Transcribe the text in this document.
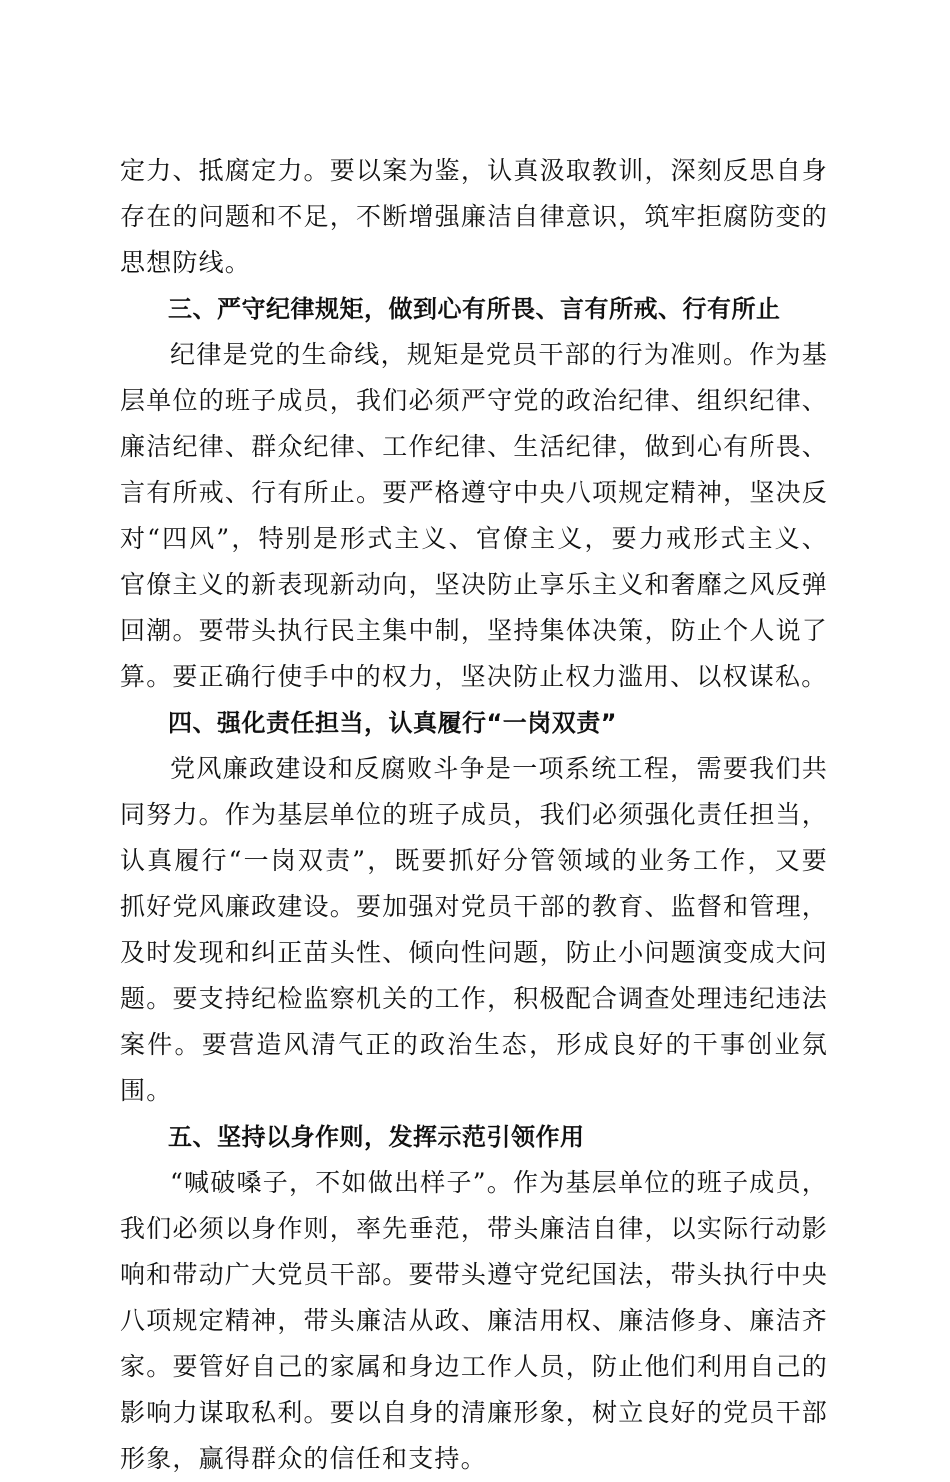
定力、抵腐定力。要以案为鉴，认真汲取教训，深刻反思自身存在的问题和不足，不断增强廉洁自律意识，筑牢拒腐防变的思想防线。

三、严守纪律规矩，做到心有所畏、言有所戒、行有所止

纪律是党的生命线，规矩是党员干部的行为准则。作为基层单位的班子成员，我们必须严守党的政治纪律、组织纪律、廉洁纪律、群众纪律、工作纪律、生活纪律，做到心有所畏、言有所戒、行有所止。要严格遵守中央八项规定精神，坚决反对“四风”，特别是形式主义、官僚主义，要力戒形式主义、官僚主义的新表现新动向，坚决防止享乐主义和奢靡之风反弹回潮。要带头执行民主集中制，坚持集体决策，防止个人说了算。要正确行使手中的权力，坚决防止权力滥用、以权谋私。

四、强化责任担当，认真履行“一岗双责”

党风廉政建设和反腐败斗争是一项系统工程，需要我们共同努力。作为基层单位的班子成员，我们必须强化责任担当，认真履行“一岗双责”，既要抓好分管领域的业务工作，又要抓好党风廉政建设。要加强对党员干部的教育、监督和管理，及时发现和纠正苗头性、倾向性问题，防止小问题演变成大问题。要支持纪检监察机关的工作，积极配合调查处理违纪违法案件。要营造风清气正的政治生态，形成良好的干事创业氛围。

五、坚持以身作则，发挥示范引领作用

“喊破嗓子，不如做出样子”。作为基层单位的班子成员，我们必须以身作则，率先垂范，带头廉洁自律，以实际行动影响和带动广大党员干部。要带头遵守党纪国法，带头执行中央八项规定精神，带头廉洁从政、廉洁用权、廉洁修身、廉洁齐家。要管好自己的家属和身边工作人员，防止他们利用自己的影响力谋取私利。要以自身的清廉形象，树立良好的党员干部形象，赢得群众的信任和支持。
